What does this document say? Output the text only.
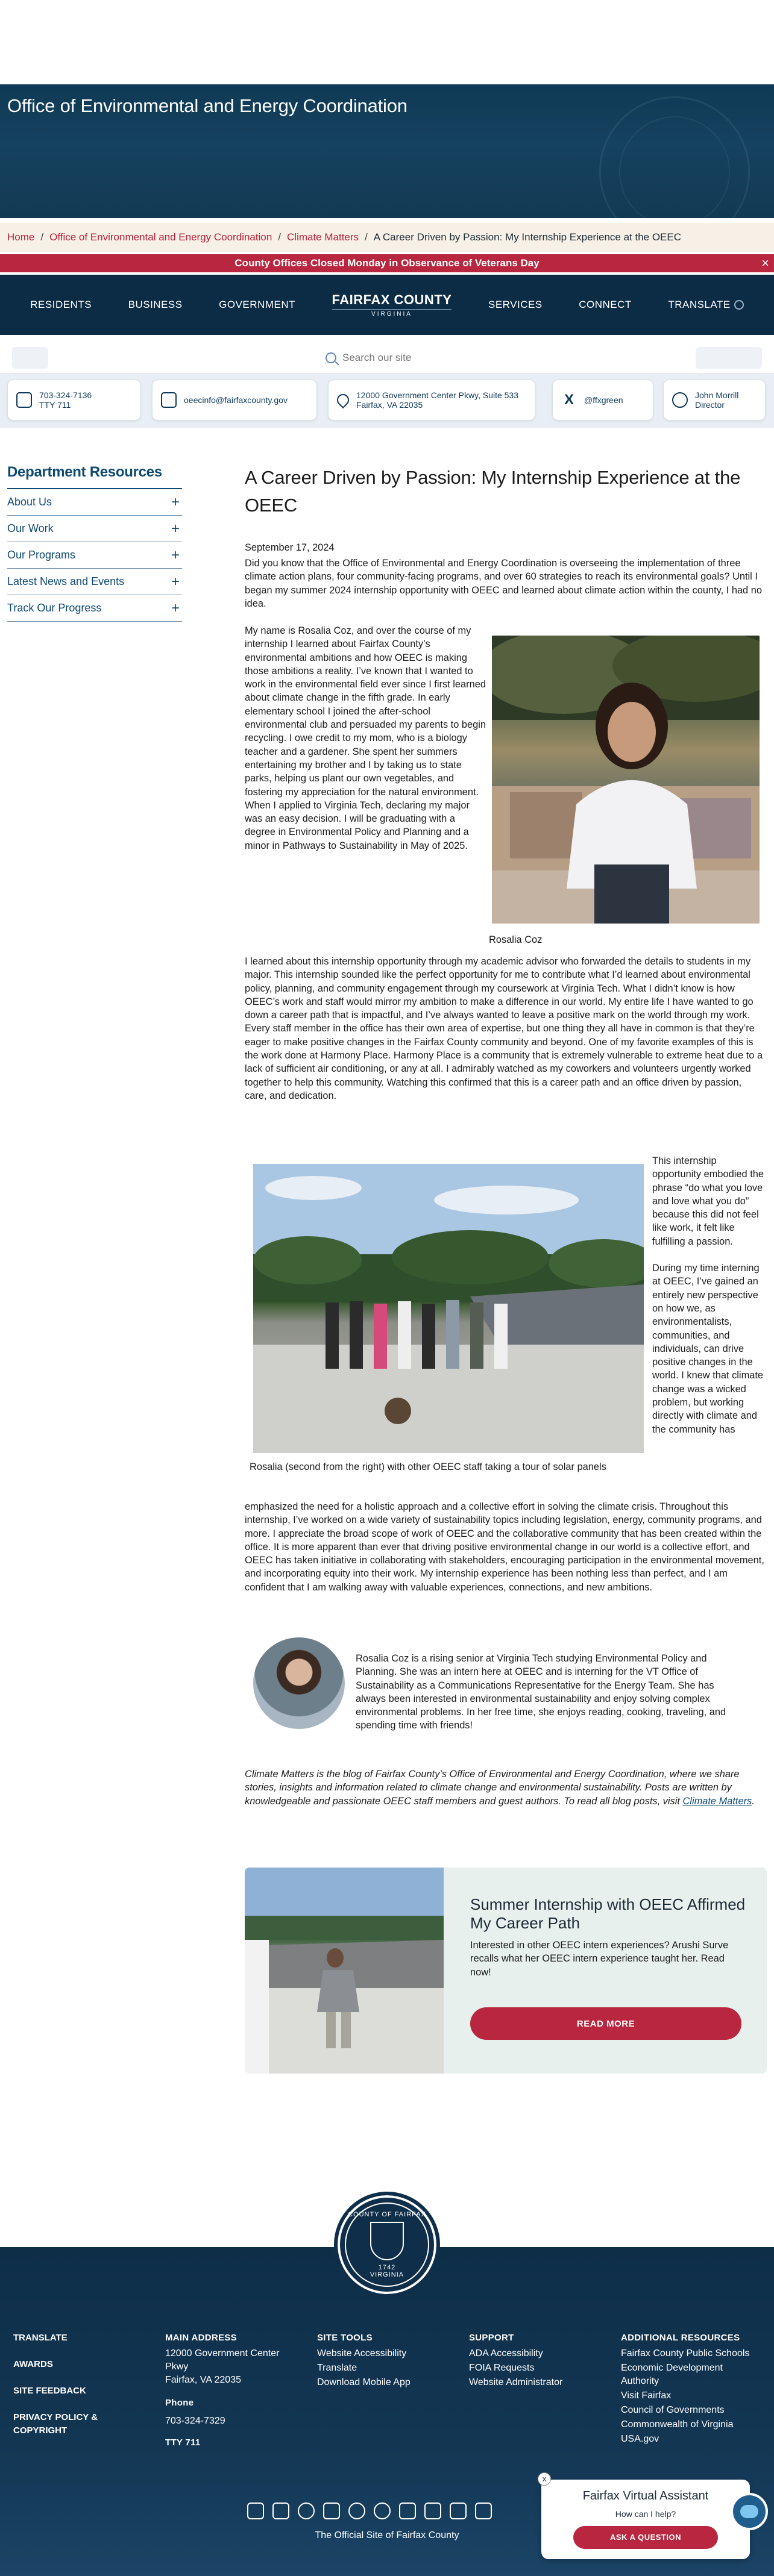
Office of Environmental and Energy Coordination
Home / Office of Environmental and Energy Coordination / Climate Matters / A Career Driven by Passion: My Internship Experience at the OEEC
County Offices Closed Monday in Observance of Veterans Day	×
RESIDENTS	BUSINESS	GOVERNMENT	FAIRFAX COUNTY
VIRGINIA
SERVICES	CONNECT	TRANSLATE
Search our site
703-324-7136
TTY 711	oeecinfo@fairfaxcounty.gov	12000 Government Center Pkwy, Suite 533
Fairfax, VA 22035	X	@ffxgreen	John Morrill
Director
Department Resources
About Us	+
Our Work	+
Our Programs	+
Latest News and Events	+
Track Our Progress	+
A Career Driven by Passion: My Internship Experience at the OEEC
September 17, 2024

Did you know that the Office of Environmental and Energy Coordination is overseeing the implementation of three climate action plans, four community-facing programs, and over 60 strategies to reach its environmental goals? Until I began my summer 2024 internship opportunity with OEEC and learned about climate action within the county, I had no idea.

My name is Rosalia Coz, and over the course of my internship I learned about Fairfax County’s environmental ambitions and how OEEC is making those ambitions a reality. I’ve known that I wanted to work in the environmental field ever since I first learned about climate change in the fifth grade. In early elementary school I joined the after-school environmental club and persuaded my parents to begin recycling. I owe credit to my mom, who is a biology teacher and a gardener. She spent her summers entertaining my brother and I by taking us to state parks, helping us plant our own vegetables, and fostering my appreciation for the natural environment. When I applied to Virginia Tech, declaring my major was an easy decision. I will be graduating with a degree in Environmental Policy and Planning and a minor in Pathways to Sustainability in May of 2025.

Rosalia Coz

I learned about this internship opportunity through my academic advisor who forwarded the details to students in my major. This internship sounded like the perfect opportunity for me to contribute what I’d learned about environmental policy, planning, and community engagement through my coursework at Virginia Tech. What I didn’t know is how OEEC’s work and staff would mirror my ambition to make a difference in our world. My entire life I have wanted to go down a career path that is impactful, and I’ve always wanted to leave a positive mark on the world through my work. Every staff member in the office has their own area of expertise, but one thing they all have in common is that they’re eager to make positive changes in the Fairfax County community and beyond. One of my favorite examples of this is the work done at Harmony Place. Harmony Place is a community that is extremely vulnerable to extreme heat due to a lack of sufficient air conditioning, or any at all. I admirably watched as my coworkers and volunteers urgently worked together to help this community. Watching this confirmed that this is a career path and an office driven by passion, care, and dedication.

Rosalia (second from the right) with other OEEC staff taking a tour of solar panels

This internship opportunity embodied the phrase “do what you love and love what you do” because this did not feel like work, it felt like fulfilling a passion.

During my time interning at OEEC, I’ve gained an entirely new perspective on how we, as environmentalists, communities, and individuals, can drive positive changes in the world. I knew that climate change was a wicked problem, but working directly with climate and the community has

emphasized the need for a holistic approach and a collective effort in solving the climate crisis. Throughout this internship, I’ve worked on a wide variety of sustainability topics including legislation, energy, community programs, and more. I appreciate the broad scope of work of OEEC and the collaborative community that has been created within the office. It is more apparent than ever that driving positive environmental change in our world is a collective effort, and OEEC has taken initiative in collaborating with stakeholders, encouraging participation in the environmental movement, and incorporating equity into their work. My internship experience has been nothing less than perfect, and I am confident that I am walking away with valuable experiences, connections, and new ambitions.

Rosalia Coz is a rising senior at Virginia Tech studying Environmental Policy and Planning. She was an intern here at OEEC and is interning for the VT Office of Sustainability as a Communications Representative for the Energy Team. She has always been interested in environmental sustainability and enjoy solving complex environmental problems. In her free time, she enjoys reading, cooking, traveling, and spending time with friends!

Climate Matters is the blog of Fairfax County’s Office of Environmental and Energy Coordination, where we share stories, insights and information related to climate change and environmental sustainability. Posts are written by knowledgeable and passionate OEEC staff members and guest authors. To read all blog posts, visit Climate Matters.

Summer Internship with OEEC Affirmed My Career Path

Interested in other OEEC intern experiences? Arushi Surve recalls what her OEEC intern experience taught her. Read now!

READ MORE
COUNTY OF FAIRFAX
1742
VIRGINIA
TRANSLATE
AWARDS
SITE FEEDBACK
PRIVACY POLICY & COPYRIGHT
MAIN ADDRESS
12000 Government Center Pkwy
Fairfax, VA 22035
Phone
703-324-7329
TTY 711
SITE TOOLS
Website Accessibility
Translate
Download Mobile App
SUPPORT
ADA Accessibility
FOIA Requests
Website Administrator
ADDITIONAL RESOURCES
Fairfax County Public Schools
Economic Development Authority
Visit Fairfax
Council of Governments
Commonwealth of Virginia
USA.gov
The Official Site of Fairfax County
x
Fairfax Virtual Assistant
How can I help?
ASK A QUESTION
